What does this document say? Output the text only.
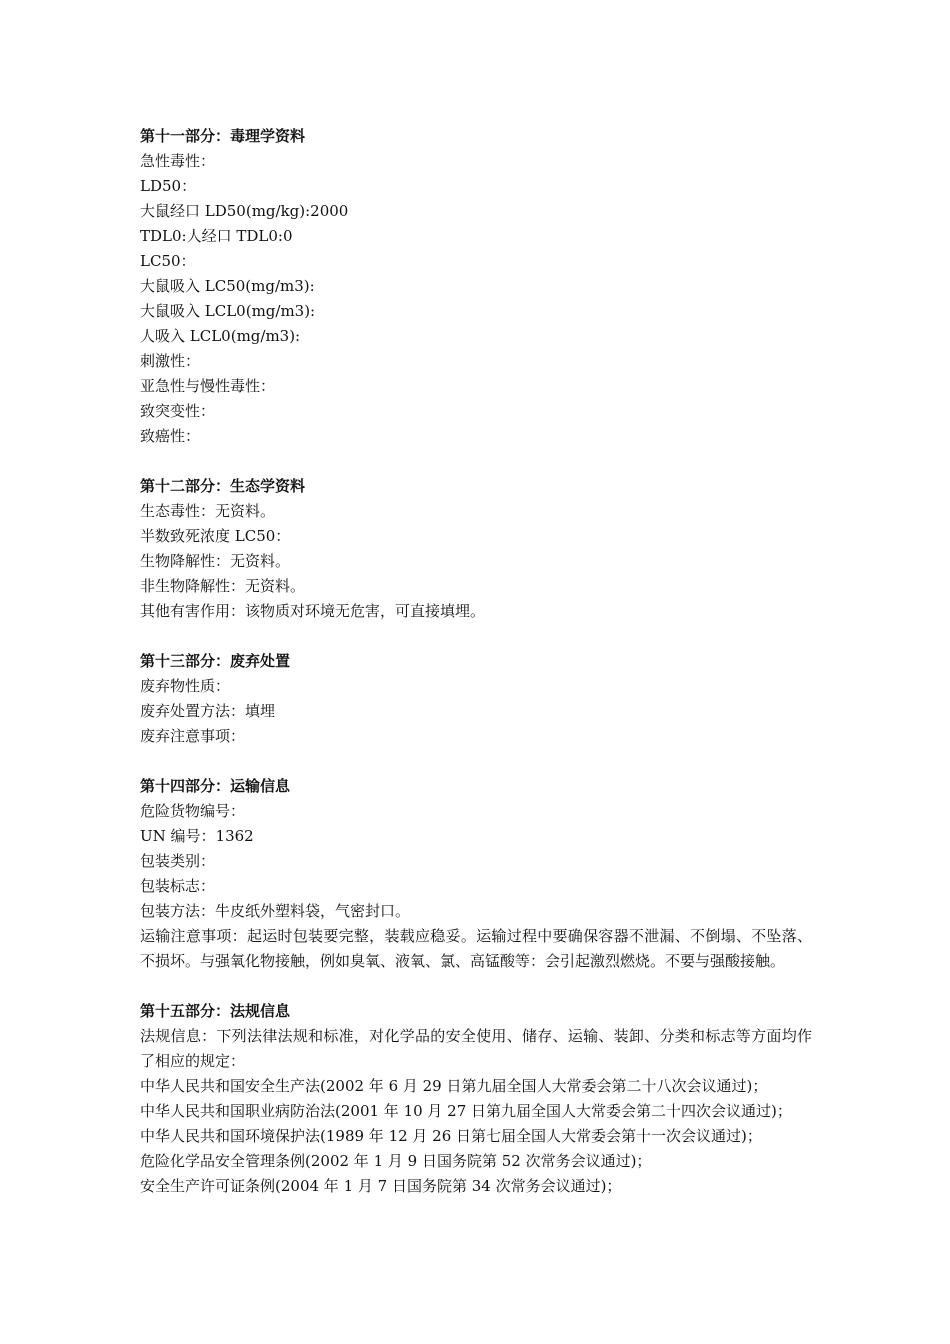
第十一部分：毒理学资料

急性毒性：

LD50：

大鼠经口 LD50(mg/kg):2000

TDL0:人经口 TDL0:0

LC50：

大鼠吸入 LC50(mg/m3):

大鼠吸入 LCL0(mg/m3):

人吸入 LCL0(mg/m3):

刺激性：

亚急性与慢性毒性：

致突变性：

致癌性：

第十二部分：生态学资料

生态毒性：无资料。

半数致死浓度 LC50：

生物降解性：无资料。

非生物降解性：无资料。

其他有害作用：该物质对环境无危害，可直接填埋。

第十三部分：废弃处置

废弃物性质：

废弃处置方法：填埋

废弃注意事项：

第十四部分：运输信息

危险货物编号：

UN 编号：1362

包装类别：

包装标志：

包装方法：牛皮纸外塑料袋，气密封口。

运输注意事项：起运时包装要完整，装载应稳妥。运输过程中要确保容器不泄漏、不倒塌、不坠落、不损坏。与强氧化物接触，例如臭氧、液氧、氯、高锰酸等：会引起激烈燃烧。不要与强酸接触。

第十五部分：法规信息

法规信息：下列法律法规和标准，对化学品的安全使用、储存、运输、装卸、分类和标志等方面均作了相应的规定：

中华人民共和国安全生产法(2002 年 6 月 29 日第九届全国人大常委会第二十八次会议通过)；

中华人民共和国职业病防治法(2001 年 10 月 27 日第九届全国人大常委会第二十四次会议通过)；

中华人民共和国环境保护法(1989 年 12 月 26 日第七届全国人大常委会第十一次会议通过)；

危险化学品安全管理条例(2002 年 1 月 9 日国务院第 52 次常务会议通过)；

安全生产许可证条例(2004 年 1 月 7 日国务院第 34 次常务会议通过)；
